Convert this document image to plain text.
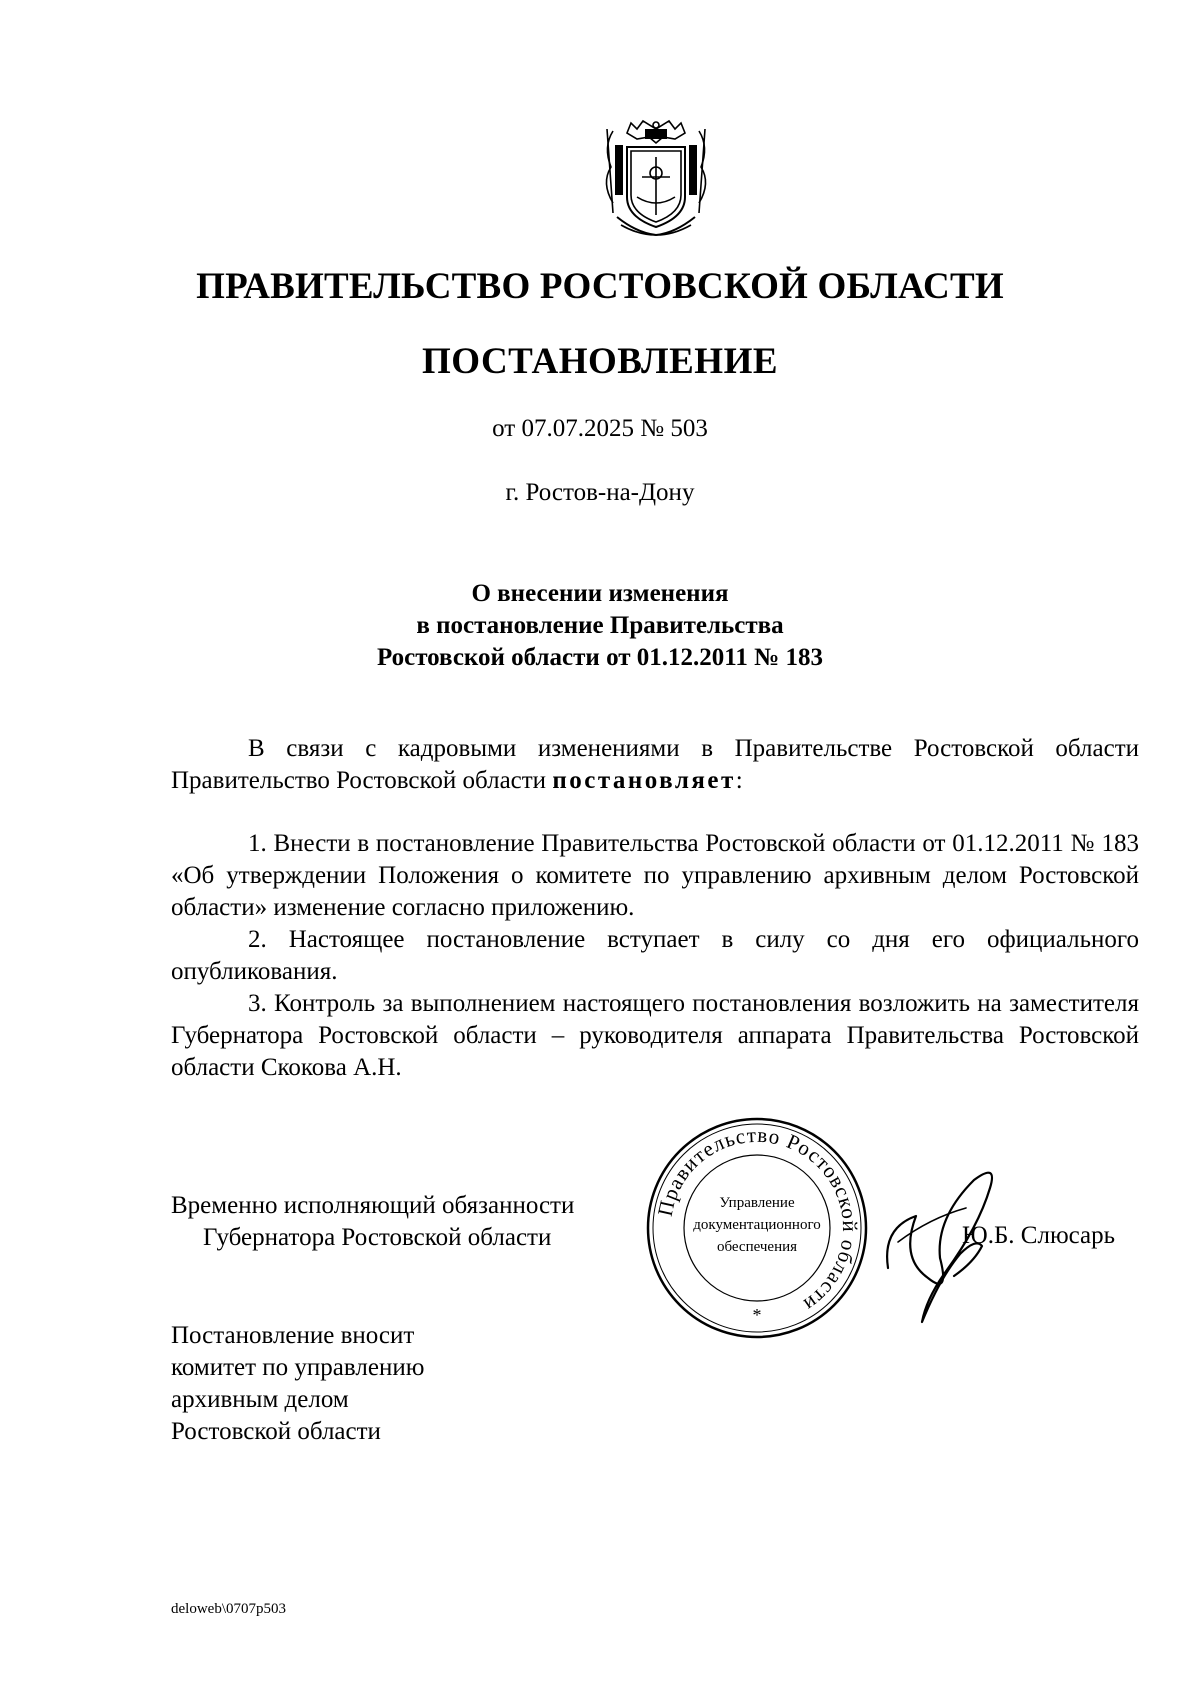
ПРАВИТЕЛЬСТВО РОСТОВСКОЙ ОБЛАСТИ
ПОСТАНОВЛЕНИЕ
от 07.07.2025 № 503
г. Ростов-на-Дону
О внесении изменения
в постановление Правительства
Ростовской области от 01.12.2011 № 183

В связи с кадровыми изменениями в Правительстве Ростовской области Правительство Ростовской области постановляет:

1. Внести в постановление Правительства Ростовской области от 01.12.2011 № 183 «Об утверждении Положения о комитете по управлению архивным делом Ростовской области» изменение согласно приложению.

2. Настоящее постановление вступает в силу со дня его официального опубликования.

3. Контроль за выполнением настоящего постановления возложить на заместителя Губернатора Ростовской области – руководителя аппарата Правительства Ростовской области Скокова А.Н.

Временно исполняющий обязанности
Губернатора Ростовской области
Правительство Ростовской области
Управление
документационного
обеспечения
*
Ю.Б. Слюсарь
Постановление вносит
комитет по управлению
архивным делом
Ростовской области
deloweb\0707p503
